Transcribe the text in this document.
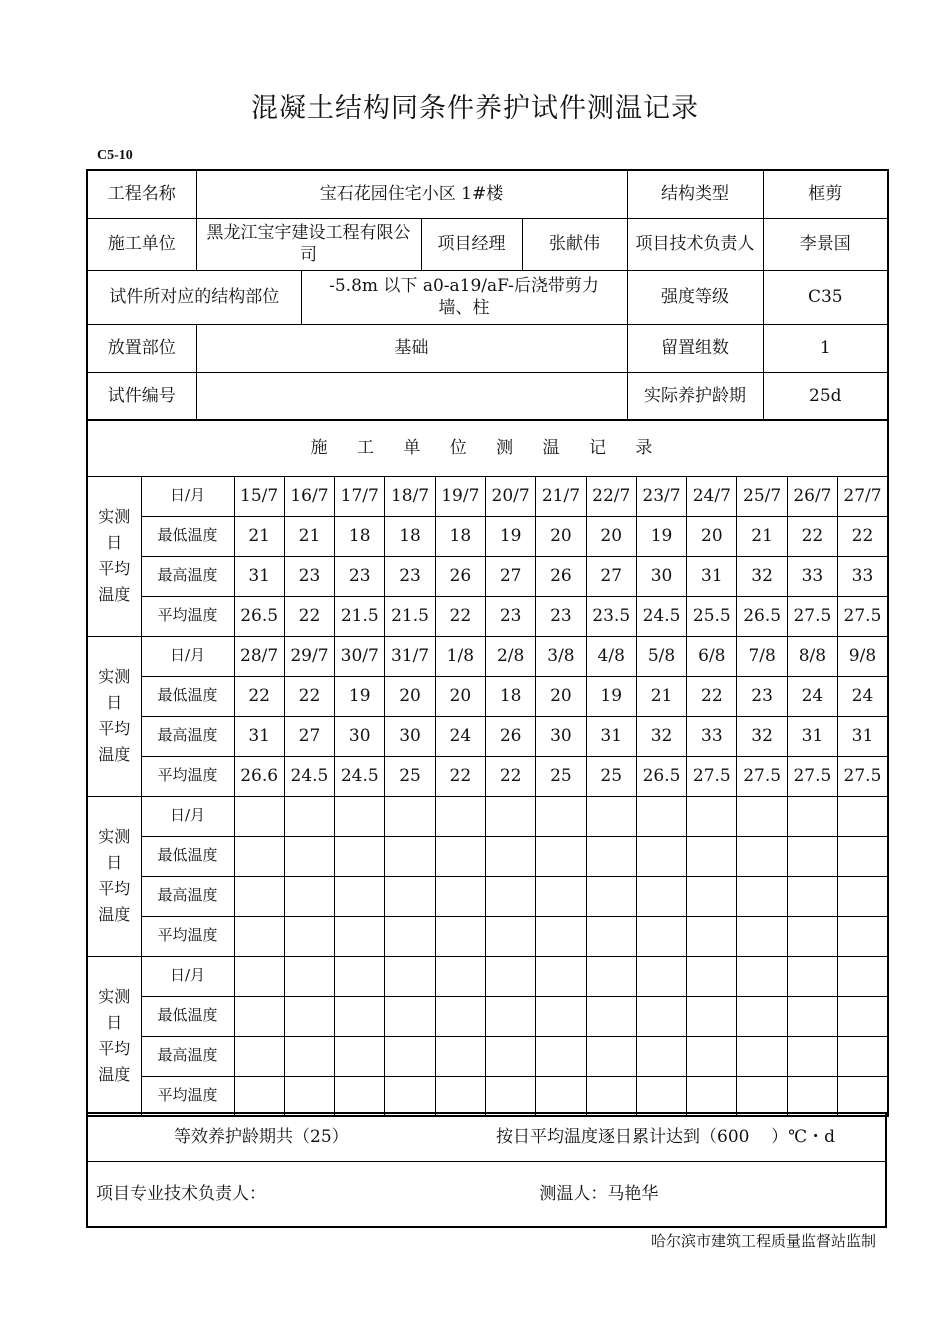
混凝土结构同条件养护试件测温记录
C5-10
工程名称	宝石花园住宅小区 1#楼				结构类型	框剪
施工单位	黑龙江宝宇建设工程有限公司		项目经理	张献伟	项目技术负责人	李景国
试件所对应的结构部位		-5.8m 以下 a0-a19/aF-后浇带剪力墙、柱			强度等级	C35
放置部位	基础				留置组数	1
试件编号					实际养护龄期	25d
施 工 单 位 测 温 记 录														

实测
日
平均
温度	日/月	15/7	16/7	17/7	18/7	19/7	20/7	21/7	22/7	23/7	24/7	25/7	26/7	27/7
	最低温度	21	21	18	18	18	19	20	20	19	20	21	22	22
	最高温度	31	23	23	23	26	27	26	27	30	31	32	33	33
	平均温度	26.5	22	21.5	21.5	22	23	23	23.5	24.5	25.5	26.5	27.5	27.5

实测
日
平均
温度	日/月	28/7	29/7	30/7	31/7	1/8	2/8	3/8	4/8	5/8	6/8	7/8	8/8	9/8
	最低温度	22	22	19	20	20	18	20	19	21	22	23	24	24
	最高温度	31	27	30	30	24	26	30	31	32	33	32	31	31
	平均温度	26.6	24.5	24.5	25	22	22	25	25	26.5	27.5	27.5	27.5	27.5

实测
日
平均
温度	日/月													
	最低温度													
	最高温度													
	平均温度													

实测
日
平均
温度	日/月													
	最低温度													
	最高温度													
	平均温度													
等效养护龄期共（25）	按日平均温度逐日累计达到（600    ）℃・d
项目专业技术负责人：	测温人：马艳华
哈尔滨市建筑工程质量监督站监制
